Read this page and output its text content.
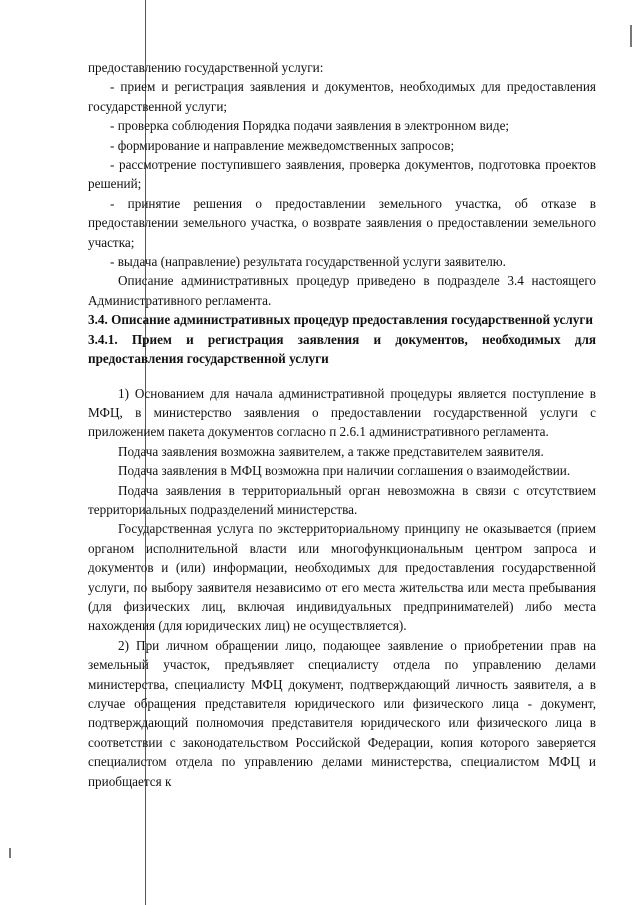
предоставлению государственной услуги:

- прием и регистрация заявления и документов, необходимых для предоставления государственной услуги;

- проверка соблюдения Порядка подачи заявления в электронном виде;

- формирование и направление межведомственных запросов;

- рассмотрение поступившего заявления, проверка документов, подготовка проектов решений;

- принятие решения о предоставлении земельного участка, об отказе в предоставлении земельного участка, о возврате заявления о предоставлении земельного участка;

- выдача (направление) результата государственной услуги заявителю.

Описание административных процедур приведено в подразделе 3.4 настоящего Административного регламента.

3.4. Описание административных процедур предоставления государственной услуги

3.4.1. Прием и регистрация заявления и документов, необходимых для предоставления государственной услуги

1) Основанием для начала административной процедуры является поступление в МФЦ, в министерство заявления о предоставлении государственной услуги с приложением пакета документов согласно п 2.6.1 административного регламента.

Подача заявления возможна заявителем, а также представителем заявителя.

Подача заявления в МФЦ возможна при наличии соглашения о взаимодействии.

Подача заявления в территориальный орган невозможна в связи с отсутствием территориальных подразделений министерства.

Государственная услуга по экстерриториальному принципу не оказывается (прием органом исполнительной власти или многофункциональным центром запроса и документов и (или) информации, необходимых для предоставления государственной услуги, по выбору заявителя независимо от его места жительства или места пребывания (для физических лиц, включая индивидуальных предпринимателей) либо места нахождения (для юридических лиц) не осуществляется).

2) При личном обращении лицо, подающее заявление о приобретении прав на земельный участок, предъявляет специалисту отдела по управлению делами министерства, специалисту МФЦ документ, подтверждающий личность заявителя, а в случае обращения представителя юридического или физического лица - документ, подтверждающий полномочия представителя юридического или физического лица в соответствии с законодательством Российской Федерации, копия которого заверяется специалистом отдела по управлению делами министерства, специалистом МФЦ и приобщается к
